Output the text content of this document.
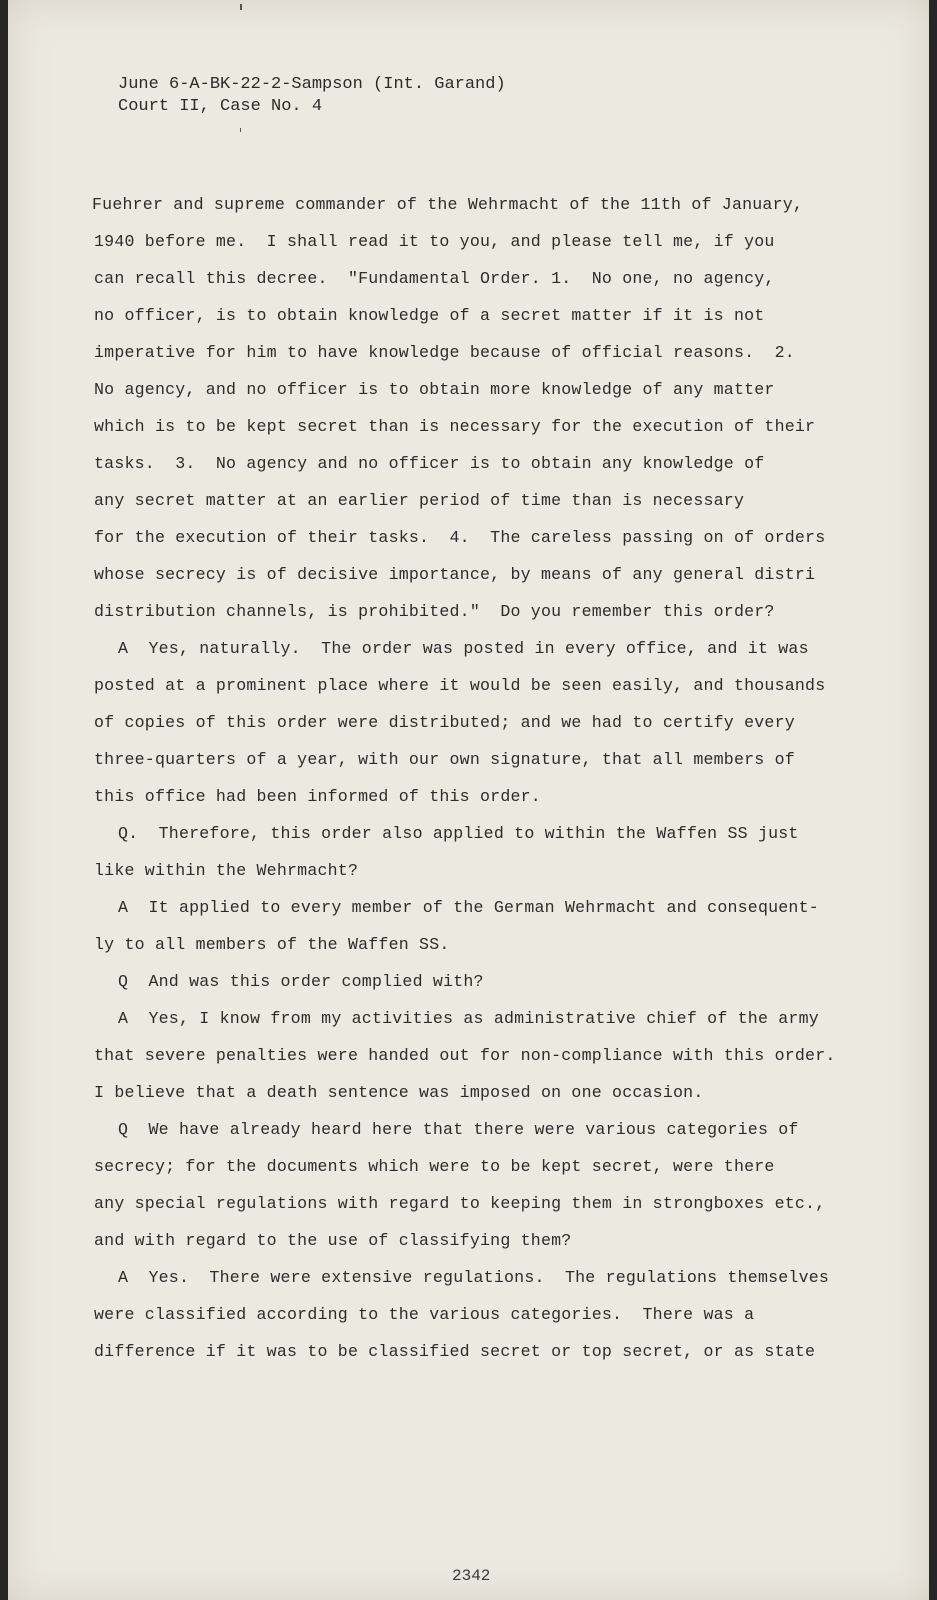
June 6-A-BK-22-2-Sampson (Int. Garand)
Court II, Case No. 4
Fuehrer and supreme commander of the Wehrmacht of the 11th of January,
1940 before me.  I shall read it to you, and please tell me, if you
can recall this decree.  "Fundamental Order. 1.  No one, no agency,
no officer, is to obtain knowledge of a secret matter if it is not
imperative for him to have knowledge because of official reasons.  2.
No agency, and no officer is to obtain more knowledge of any matter
which is to be kept secret than is necessary for the execution of their
tasks.  3.  No agency and no officer is to obtain any knowledge of
any secret matter at an earlier period of time than is necessary
for the execution of their tasks.  4.  The careless passing on of orders
whose secrecy is of decisive importance, by means of any general distri
distribution channels, is prohibited."  Do you remember this order?
A  Yes, naturally.  The order was posted in every office, and it was
posted at a prominent place where it would be seen easily, and thousands
of copies of this order were distributed; and we had to certify every
three-quarters of a year, with our own signature, that all members of
this office had been informed of this order.
Q.  Therefore, this order also applied to within the Waffen SS just
like within the Wehrmacht?
A  It applied to every member of the German Wehrmacht and consequent-
ly to all members of the Waffen SS.
Q  And was this order complied with?
A  Yes, I know from my activities as administrative chief of the army
that severe penalties were handed out for non-compliance with this order.
I believe that a death sentence was imposed on one occasion.
Q  We have already heard here that there were various categories of
secrecy; for the documents which were to be kept secret, were there
any special regulations with regard to keeping them in strongboxes etc.,
and with regard to the use of classifying them?
A  Yes.  There were extensive regulations.  The regulations themselves
were classified according to the various categories.  There was a
difference if it was to be classified secret or top secret, or as state
2342
